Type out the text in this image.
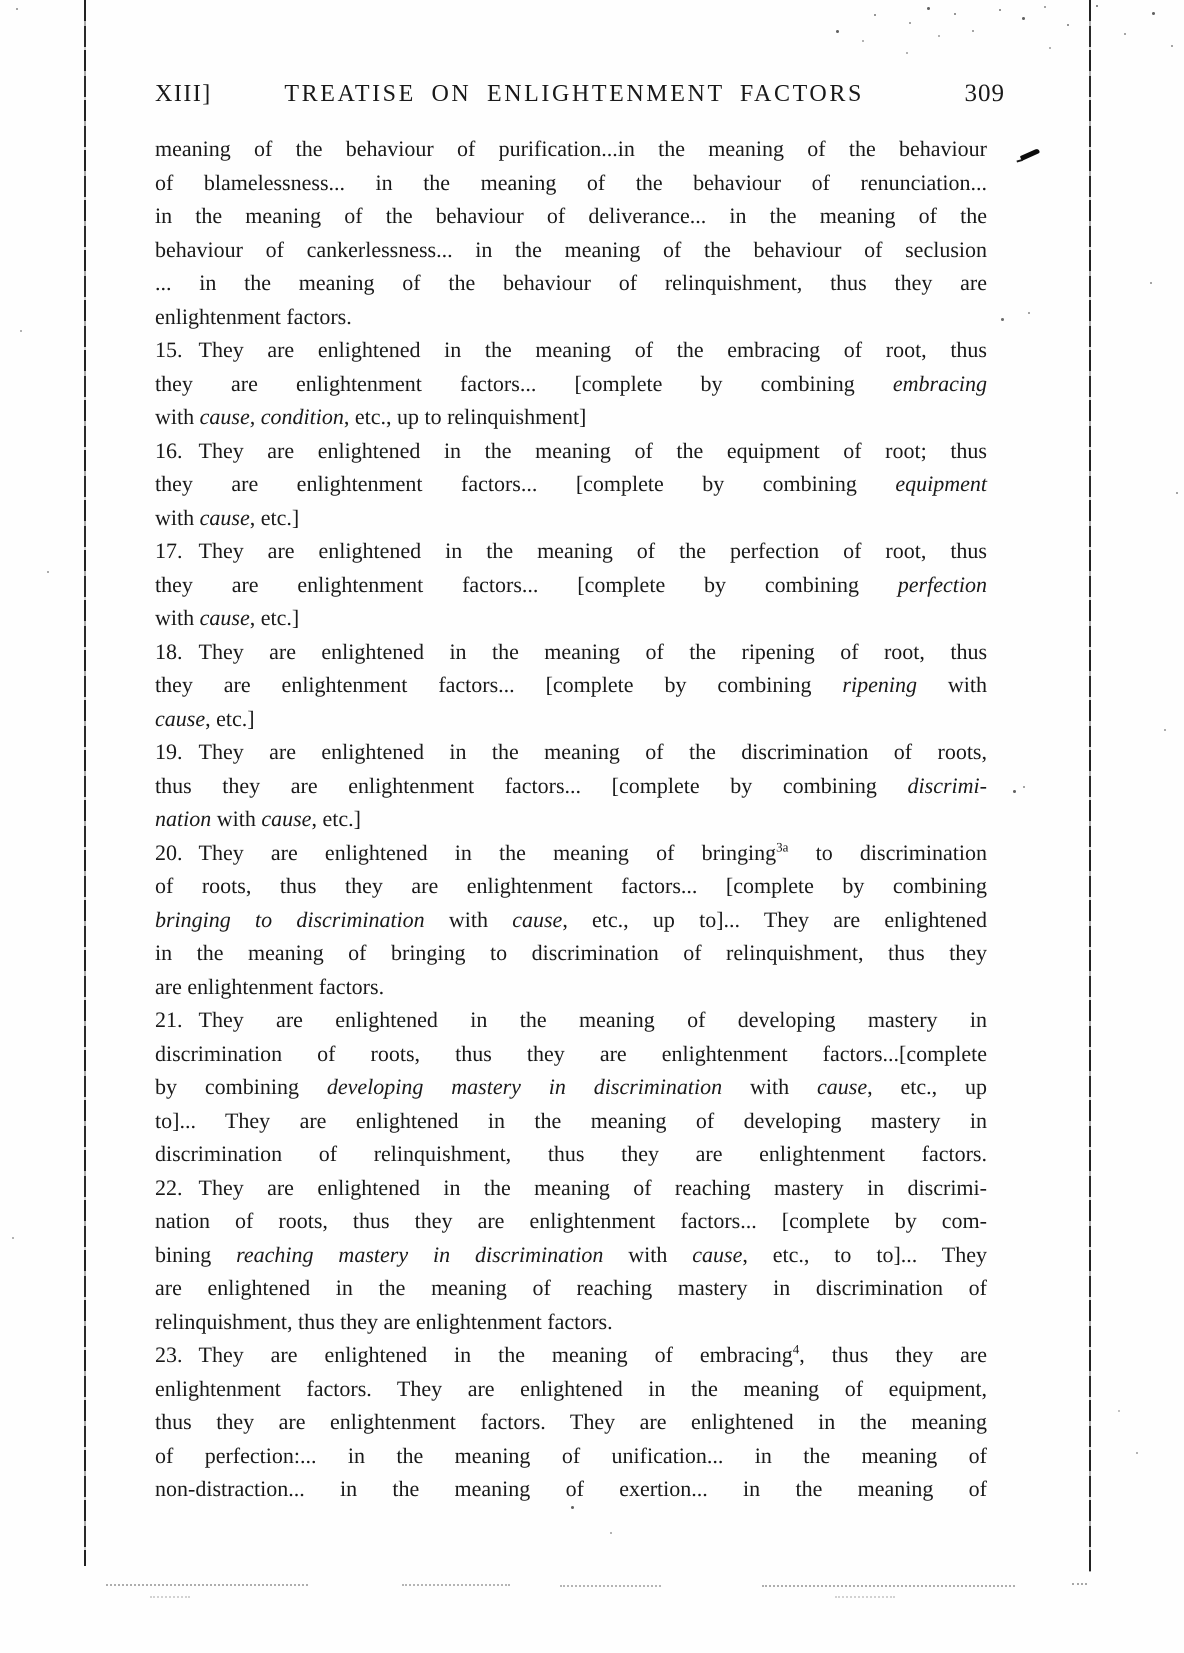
XIII]	TREATISE ON ENLIGHTENMENT FACTORS	309
meaning of the behaviour of purification...in the meaning of the behaviour
of blamelessness... in the meaning of the behaviour of renunciation...
in the meaning of the behaviour of deliverance... in the meaning of the
behaviour of cankerlessness... in the meaning of the behaviour of seclusion
... in the meaning of the behaviour of relinquishment, thus they are
enlightenment factors.
15. They are enlightened in the meaning of the embracing of root, thus
they are enlightenment factors... [complete by combining embracing
with cause, condition, etc., up to relinquishment]
16. They are enlightened in the meaning of the equipment of root; thus
they are enlightenment factors... [complete by combining equipment
with cause, etc.]
17. They are enlightened in the meaning of the perfection of root, thus
they are enlightenment factors... [complete by combining perfection
with cause, etc.]
18. They are enlightened in the meaning of the ripening of root, thus
they are enlightenment factors... [complete by combining ripening with
cause, etc.]
19. They are enlightened in the meaning of the discrimination of roots,
thus they are enlightenment factors... [complete by combining discrimi-
nation with cause, etc.]
20. They are enlightened in the meaning of bringing$^{3a}$ to discrimination
of roots, thus they are enlightenment factors... [complete by combining
bringing to discrimination with cause, etc., up to]... They are enlightened
in the meaning of bringing to discrimination of relinquishment, thus they
are enlightenment factors.
21. They are enlightened in the meaning of developing mastery in
discrimination of roots, thus they are enlightenment factors...[complete
by combining developing mastery in discrimination with cause, etc., up
to]... They are enlightened in the meaning of developing mastery in
discrimination of relinquishment, thus they are enlightenment factors.
22. They are enlightened in the meaning of reaching mastery in discrimi-
nation of roots, thus they are enlightenment factors... [complete by com-
bining reaching mastery in discrimination with cause, etc., to to]... They
are enlightened in the meaning of reaching mastery in discrimination of
relinquishment, thus they are enlightenment factors.
23. They are enlightened in the meaning of embracing$^4$, thus they are
enlightenment factors. They are enlightened in the meaning of equipment,
thus they are enlightenment factors. They are enlightened in the meaning
of perfection:... in the meaning of unification... in the meaning of
non-distraction... in the meaning of exertion... in the meaning of
